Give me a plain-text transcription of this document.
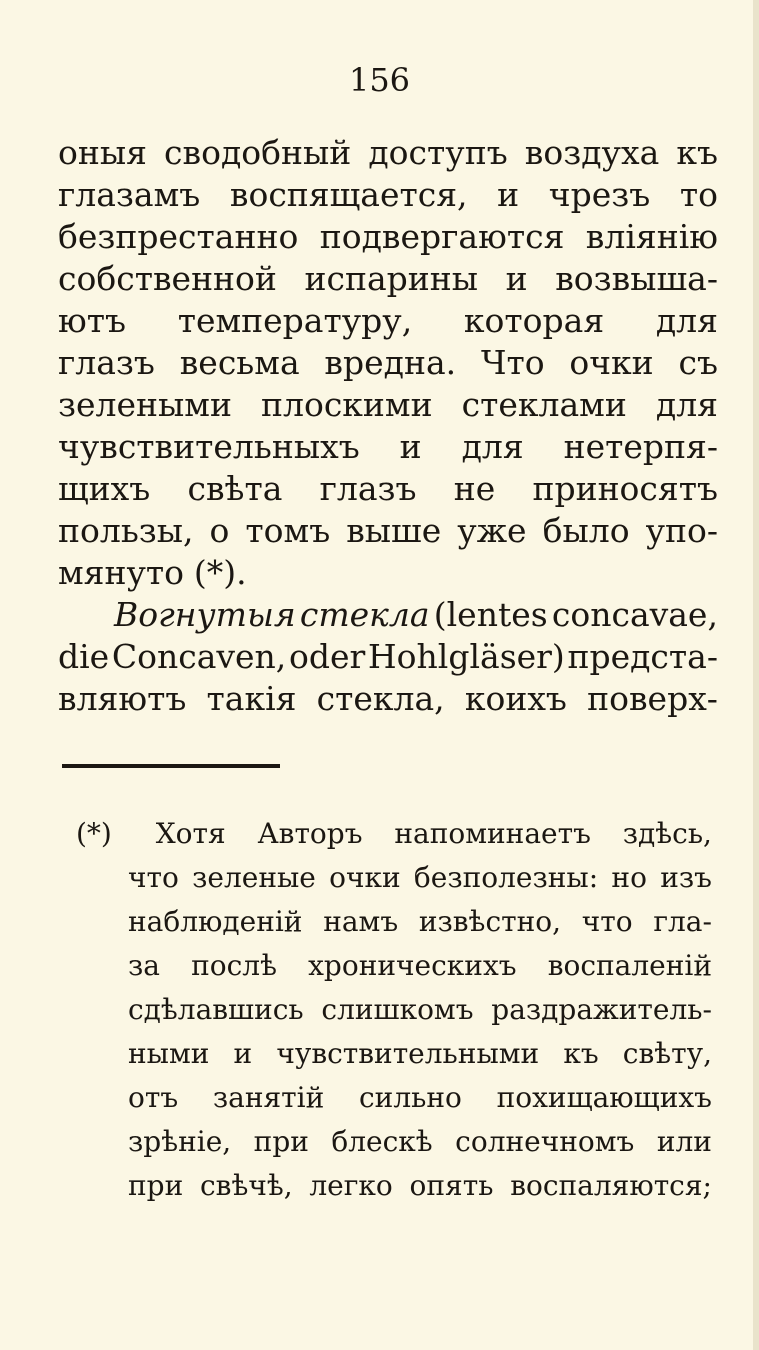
156
оныя сводобный доступъ воздуха къ
глазамъ воспящается, и чрезъ то
безпрестанно подвергаются влiянiю
собственной испарины и возвыша-
ютъ температуру, которая для
глазъ весьма вредна. Что очки съ
зелеными плоскими стеклами для
чувствительныхъ и для нетерпя-
щихъ свѣта глазъ не приносятъ
пользы, о томъ выше уже было упо-
мянуто (*).
Вогнутыя стекла (lentes concavae,
die Concaven, oder Hohlgläser) предста-
вляютъ такiя стекла, коихъ поверх-
(*) Хотя Авторъ напоминаетъ здѣсь,
что зеленые очки безполезны: но изъ
наблюденiй намъ извѣстно, что гла-
за послѣ хроническихъ воспаленiй
сдѣлавшись слишкомъ раздражитель-
ными и чувствительными къ свѣту,
отъ занятiй сильно похищающихъ
зрѣнiе, при блескѣ солнечномъ или
при свѣчѣ, легко опять воспаляются;
